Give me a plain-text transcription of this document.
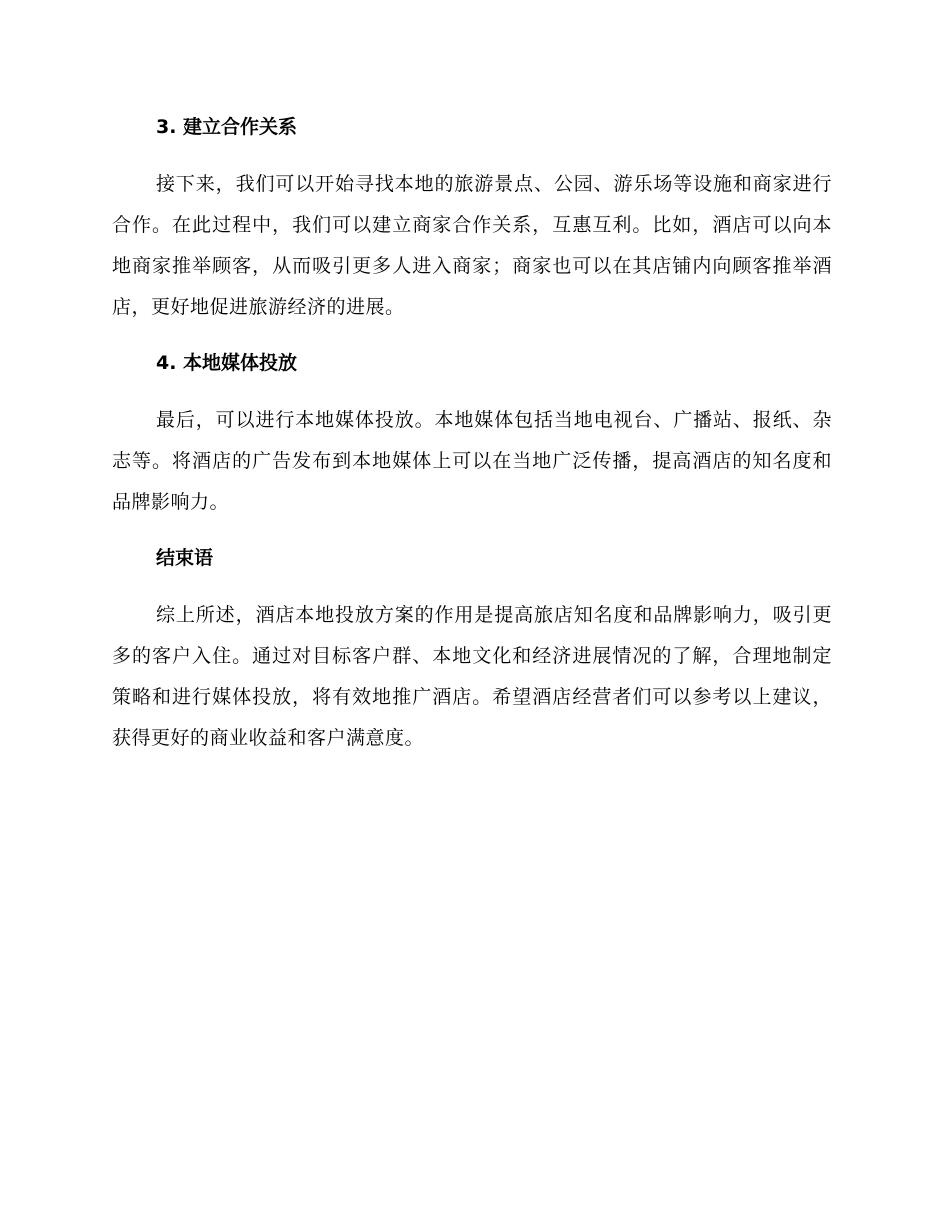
3. 建立合作关系

接下来，我们可以开始寻找本地的旅游景点、公园、游乐场等设施和商家进行合作。在此过程中，我们可以建立商家合作关系，互惠互利。比如，酒店可以向本地商家推举顾客，从而吸引更多人进入商家；商家也可以在其店铺内向顾客推举酒店，更好地促进旅游经济的进展。

4. 本地媒体投放

最后，可以进行本地媒体投放。本地媒体包括当地电视台、广播站、报纸、杂志等。将酒店的广告发布到本地媒体上可以在当地广泛传播，提高酒店的知名度和品牌影响力。

结束语

综上所述，酒店本地投放方案的作用是提高旅店知名度和品牌影响力，吸引更多的客户入住。通过对目标客户群、本地文化和经济进展情况的了解，合理地制定策略和进行媒体投放，将有效地推广酒店。希望酒店经营者们可以参考以上建议，获得更好的商业收益和客户满意度。
